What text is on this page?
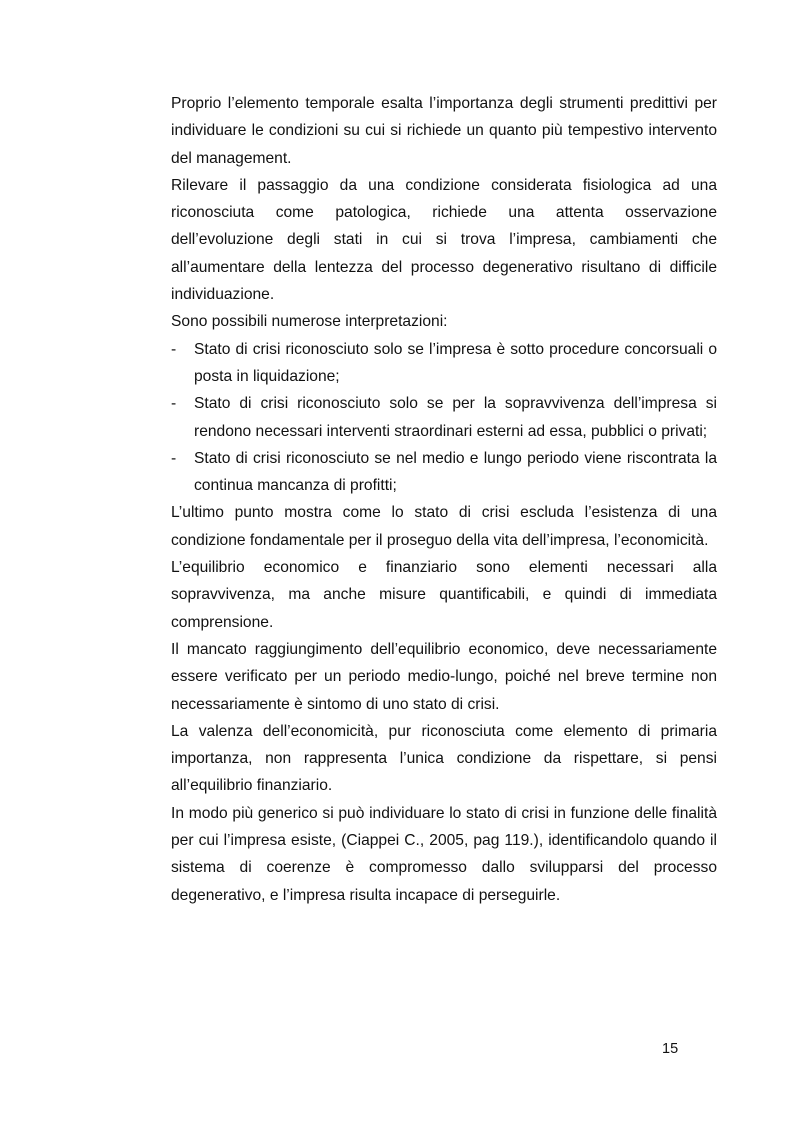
Proprio l’elemento temporale esalta l’importanza degli strumenti predittivi per individuare le condizioni su cui si richiede un quanto più tempestivo intervento del management.

Rilevare il passaggio da una condizione considerata fisiologica ad una riconosciuta come patologica, richiede una attenta osservazione dell’evoluzione degli stati in cui si trova l’impresa, cambiamenti che all’aumentare della lentezza del processo degenerativo risultano di difficile individuazione.

Sono possibili numerose interpretazioni:

- Stato di crisi riconosciuto solo se l’impresa è sotto procedure concorsuali o posta in liquidazione;
- Stato di crisi riconosciuto solo se per la sopravvivenza dell’impresa si rendono necessari interventi straordinari esterni ad essa, pubblici o privati;
- Stato di crisi riconosciuto se nel medio e lungo periodo viene riscontrata la continua mancanza di profitti;

L’ultimo punto mostra come lo stato di crisi escluda l’esistenza di una condizione fondamentale per il proseguo della vita dell’impresa, l’economicità.

L’equilibrio economico e finanziario sono elementi necessari alla sopravvivenza, ma anche misure quantificabili, e quindi di immediata comprensione.

Il mancato raggiungimento dell’equilibrio economico, deve necessariamente essere verificato per un periodo medio-lungo, poiché nel breve termine non necessariamente è sintomo di uno stato di crisi.

La valenza dell’economicità, pur riconosciuta come elemento di primaria importanza, non rappresenta l’unica condizione da rispettare, si pensi all’equilibrio finanziario.

In modo più generico si può individuare lo stato di crisi in funzione delle finalità per cui l’impresa esiste, (Ciappei C., 2005, pag 119.), identificandolo quando il sistema di coerenze è compromesso dallo svilupparsi del processo degenerativo, e l’impresa risulta incapace di perseguirle.

15
